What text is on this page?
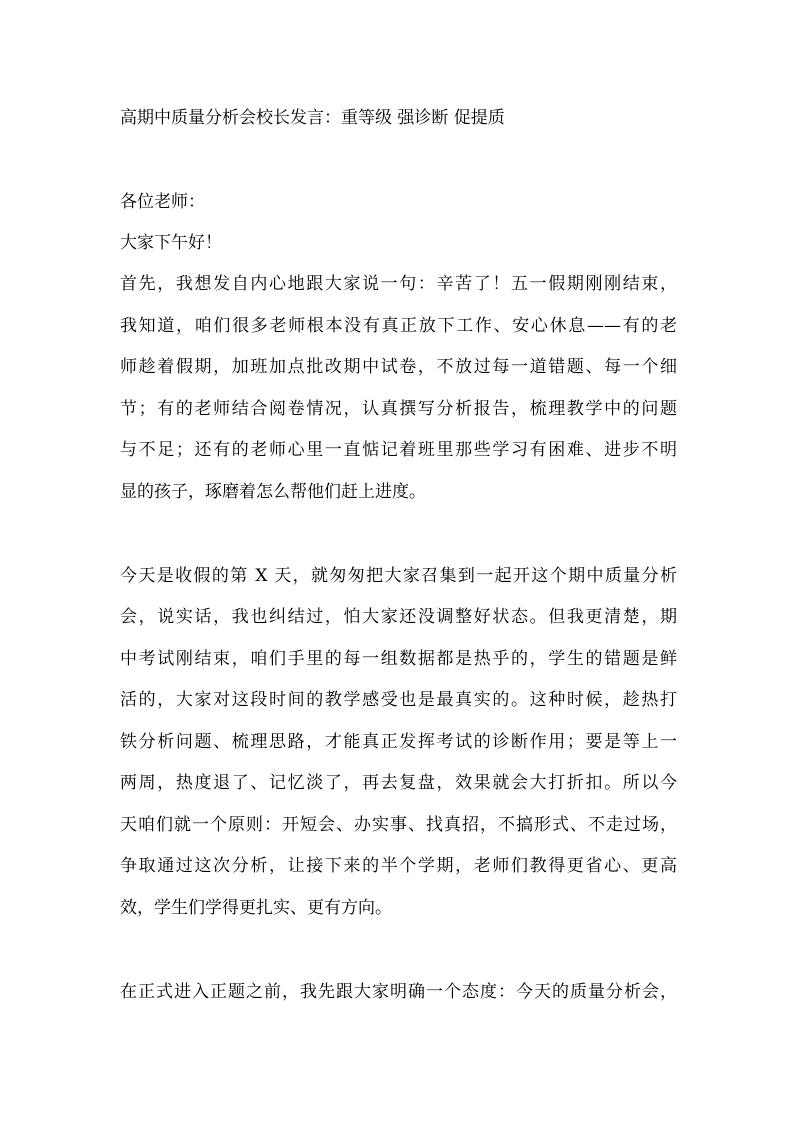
高期中质量分析会校长发言：重等级 强诊断 促提质
各位老师：
大家下午好！
首先，我想发自内心地跟大家说一句：辛苦了！五一假期刚刚结束，
我知道，咱们很多老师根本没有真正放下工作、安心休息——有的老
师趁着假期，加班加点批改期中试卷，不放过每一道错题、每一个细
节；有的老师结合阅卷情况，认真撰写分析报告，梳理教学中的问题
与不足；还有的老师心里一直惦记着班里那些学习有困难、进步不明
显的孩子，琢磨着怎么帮他们赶上进度。
今天是收假的第 X 天，就匆匆把大家召集到一起开这个期中质量分析
会，说实话，我也纠结过，怕大家还没调整好状态。但我更清楚，期
中考试刚结束，咱们手里的每一组数据都是热乎的，学生的错题是鲜
活的，大家对这段时间的教学感受也是最真实的。这种时候，趁热打
铁分析问题、梳理思路，才能真正发挥考试的诊断作用；要是等上一
两周，热度退了、记忆淡了，再去复盘，效果就会大打折扣。所以今
天咱们就一个原则：开短会、办实事、找真招，不搞形式、不走过场，
争取通过这次分析，让接下来的半个学期，老师们教得更省心、更高
效，学生们学得更扎实、更有方向。
在正式进入正题之前，我先跟大家明确一个态度：今天的质量分析会，
